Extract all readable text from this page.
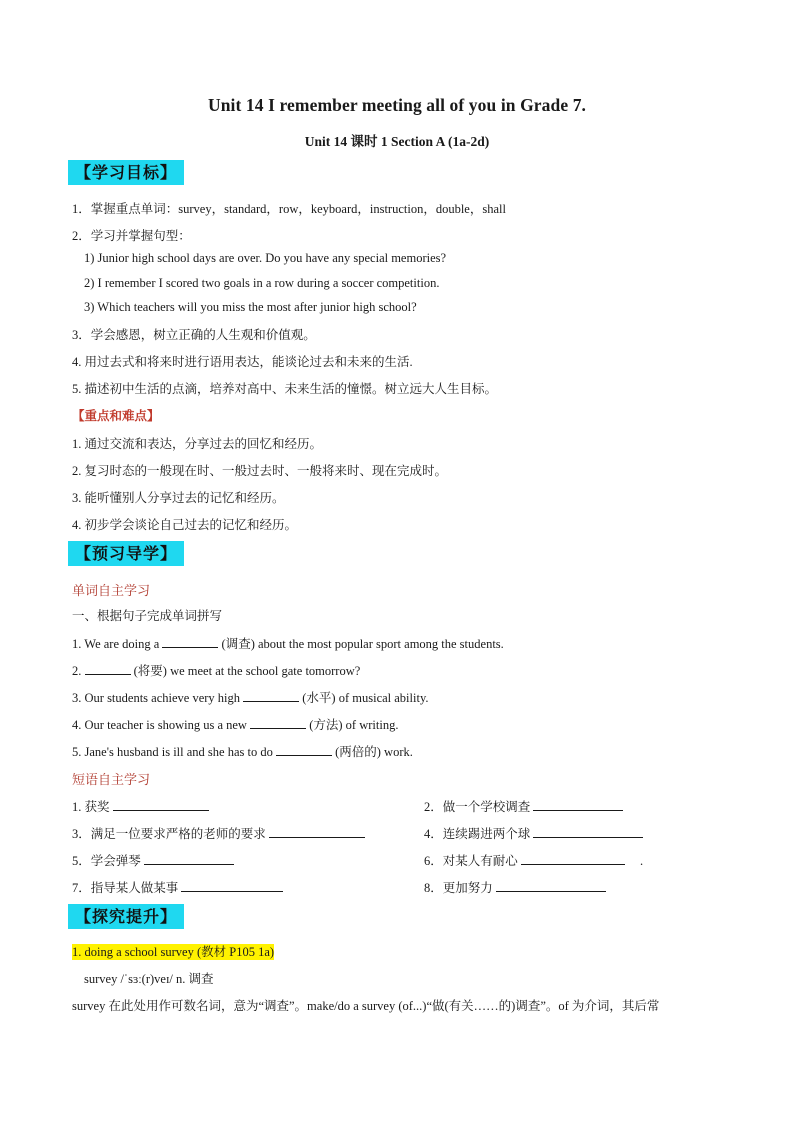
Unit 14 I remember meeting all of you in Grade 7.
Unit 14 课时 1 Section A (1a-2d)
【学习目标】
1．掌握重点单词：survey，standard，row，keyboard，instruction，double，shall
2．学习并掌握句型：
1) Junior high school days are over. Do you have any special memories?
2) I remember I scored two goals in a row during a soccer competition.
3) Which teachers will you miss the most after junior high school?
3．学会感恩，树立正确的人生观和价值观。
4. 用过去式和将来时进行语用表达，能谈论过去和未来的生活.
5. 描述初中生活的点滴，培养对高中、未来生活的憧憬。树立远大人生目标。
【重点和难点】
1. 通过交流和表达，分享过去的回忆和经历。
2. 复习时态的一般现在时、一般过去时、一般将来时、现在完成时。
3. 能听懂别人分享过去的记忆和经历。
4. 初步学会谈论自己过去的记忆和经历。
【预习导学】
单词自主学习
一、根据句子完成单词拼写
1. We are doing a	(调查) about the most popular sport among the students.
2.	(将要) we meet at the school gate tomorrow?
3. Our students achieve very high	(水平) of musical ability.
4. Our teacher is showing us a new	(方法) of writing.
5. Jane's husband is ill and she has to do	(两倍的) work.
短语自主学习
1. 获奖	2．做一个学校调查
3．满足一位要求严格的老师的要求	4．连续踢进两个球
5．学会弹琴	6．对某人有耐心	.
7．指导某人做某事	8．更加努力
【探究提升】
1. doing a school survey (教材 P105 1a)
survey /ˈsɜː(r)veɪ/ n. 调查
survey 在此处用作可数名词，意为“调查”。make/do a survey (of...)“做(有关……的)调查”。of 为介词，其后常
